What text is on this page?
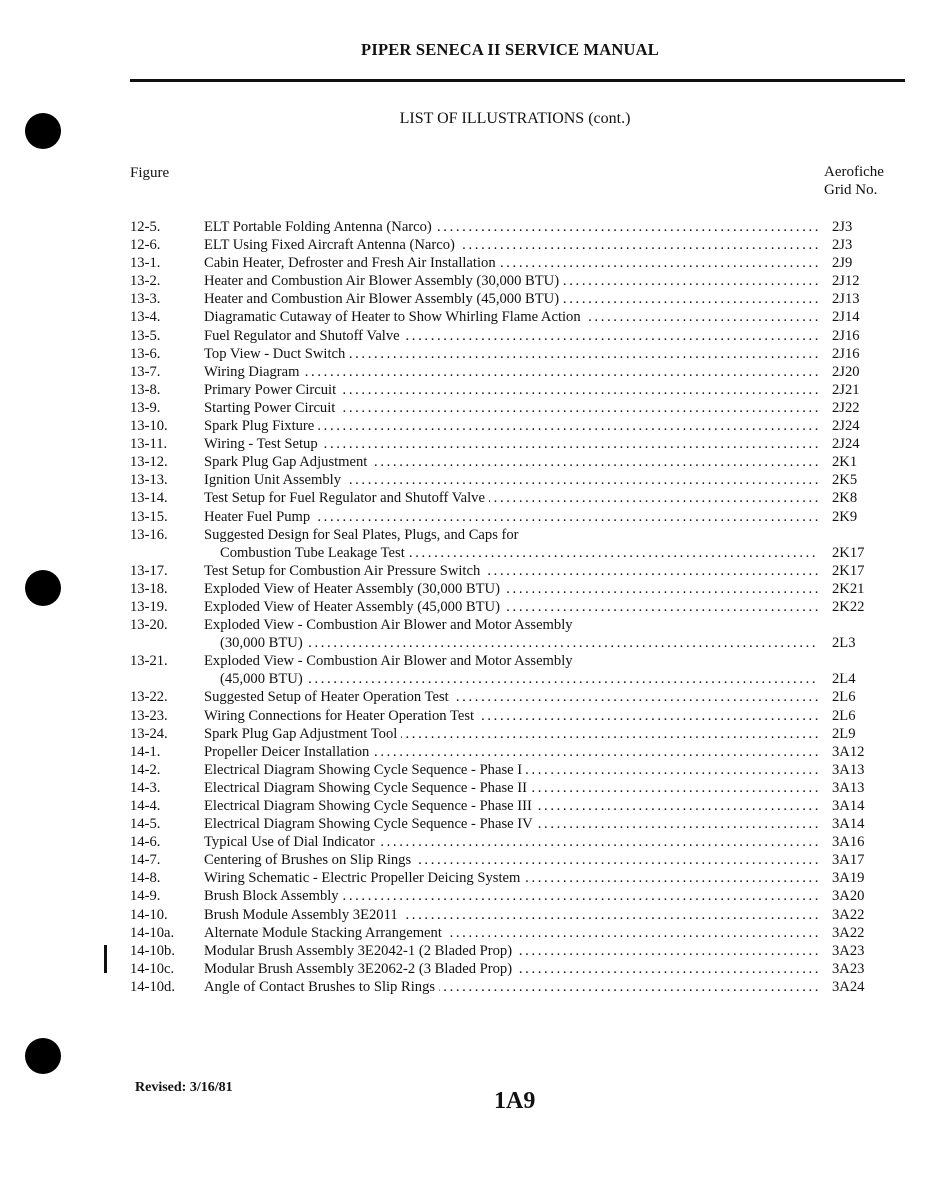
PIPER SENECA II SERVICE MANUAL
LIST OF ILLUSTRATIONS (cont.)
Figure	Aerofiche
Grid No.
12-5.	ELT Portable Folding Antenna (Narco) . . .	2J3
12-6.	ELT Using Fixed Aircraft Antenna (Narco) . . .	2J3
13-1.	Cabin Heater, Defroster and Fresh Air Installation . . .	2J9
13-2.	Heater and Combustion Air Blower Assembly (30,000 BTU) . . .	2J12
13-3.	Heater and Combustion Air Blower Assembly (45,000 BTU) . . .	2J13
13-4.	Diagramatic Cutaway of Heater to Show Whirling Flame Action . . .	2J14
13-5.	Fuel Regulator and Shutoff Valve . . .	2J16
13-6.	Top View - Duct Switch . . .	2J16
13-7.	Wiring Diagram . . .	2J20
13-8.	Primary Power Circuit . . .	2J21
13-9.	Starting Power Circuit . . .	2J22
13-10.	Spark Plug Fixture . . .	2J24
13-11.	Wiring - Test Setup . . .	2J24
13-12.	Spark Plug Gap Adjustment . . .	2K1
13-13.	Ignition Unit Assembly . . .	2K5
13-14.	Test Setup for Fuel Regulator and Shutoff Valve . . .	2K8
13-15.	Heater Fuel Pump . . .	2K9
13-16.	Suggested Design for Seal Plates, Plugs, and Caps for
Combustion Tube Leakage Test . . .	2K17
13-17.	Test Setup for Combustion Air Pressure Switch . . .	2K17
13-18.	Exploded View of Heater Assembly (30,000 BTU) . . .	2K21
13-19.	Exploded View of Heater Assembly (45,000 BTU) . . .	2K22
13-20.	Exploded View - Combustion Air Blower and Motor Assembly
(30,000 BTU) . . .	2L3
13-21.	Exploded View - Combustion Air Blower and Motor Assembly
(45,000 BTU) . . .	2L4
13-22.	Suggested Setup of Heater Operation Test . . .	2L6
13-23.	Wiring Connections for Heater Operation Test . . .	2L6
13-24.	Spark Plug Gap Adjustment Tool . . .	2L9
14-1.	Propeller Deicer Installation . . .	3A12
14-2.	Electrical Diagram Showing Cycle Sequence - Phase I . . .	3A13
14-3.	Electrical Diagram Showing Cycle Sequence - Phase II . . .	3A13
14-4.	Electrical Diagram Showing Cycle Sequence - Phase III . . .	3A14
14-5.	Electrical Diagram Showing Cycle Sequence - Phase IV . . .	3A14
14-6.	Typical Use of Dial Indicator . . .	3A16
14-7.	Centering of Brushes on Slip Rings . . .	3A17
14-8.	Wiring Schematic - Electric Propeller Deicing System . . .	3A19
14-9.	Brush Block Assembly . . .	3A20
14-10.	Brush Module Assembly 3E2011 . . .	3A22
14-10a.	Alternate Module Stacking Arrangement . . .	3A22
14-10b.	Modular Brush Assembly 3E2042-1 (2 Bladed Prop) . . .	3A23
14-10c.	Modular Brush Assembly 3E2062-2 (3 Bladed Prop) . . .	3A23
14-10d.	Angle of Contact Brushes to Slip Rings . . .	3A24
Revised: 3/16/81
1A9
